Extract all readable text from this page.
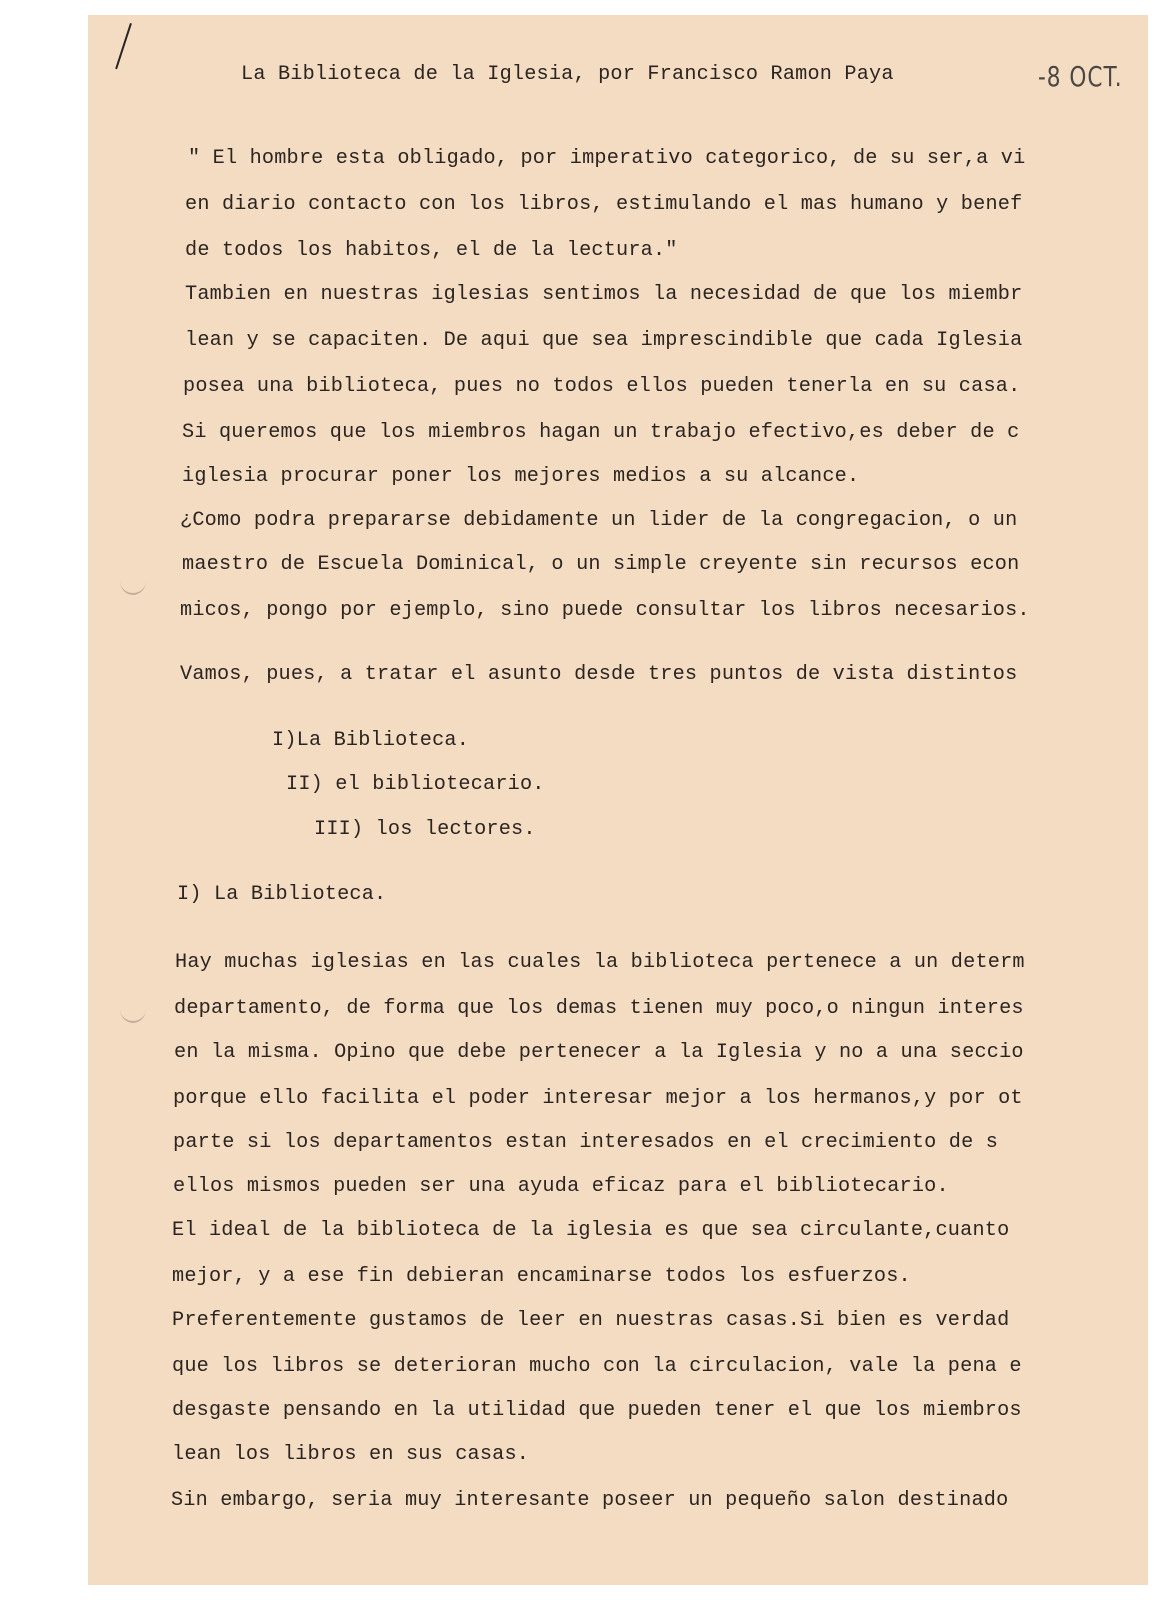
La Biblioteca de la Iglesia, por Francisco Ramon Paya	-8 OCT.
" El hombre esta obligado, por imperativo categorico, de su ser,a vi
en diario contacto con los libros, estimulando el mas humano y benef
de todos los habitos, el de la lectura."
Tambien en nuestras iglesias sentimos la necesidad de que los miembr
lean y se capaciten. De aqui que sea imprescindible que cada Iglesia
posea una biblioteca, pues no todos ellos pueden tenerla en su casa.
Si queremos que los miembros hagan un trabajo efectivo,es deber de c
iglesia procurar poner los mejores medios a su alcance.
¿Como podra prepararse debidamente un lider de la congregacion, o un
maestro de Escuela Dominical, o un simple creyente sin recursos econ
micos, pongo por ejemplo, sino puede consultar los libros necesarios.
Vamos, pues, a tratar el asunto desde tres puntos de vista distintos
I)La Biblioteca.
II) el bibliotecario.
III) los lectores.
I) La Biblioteca.
Hay muchas iglesias en las cuales la biblioteca pertenece a un determ
departamento, de forma que los demas tienen muy poco,o ningun interes
en la misma. Opino que debe pertenecer a la Iglesia y no a una seccio
porque ello facilita el poder interesar mejor a los hermanos,y por ot
parte si los departamentos estan interesados en el crecimiento de s
ellos mismos pueden ser una ayuda eficaz para el bibliotecario.
El ideal de la biblioteca de la iglesia es que sea circulante,cuanto
mejor, y a ese fin debieran encaminarse todos los esfuerzos.
Preferentemente gustamos de leer en nuestras casas.Si bien es verdad
que los libros se deterioran mucho con la circulacion, vale la pena e
desgaste pensando en la utilidad que pueden tener el que los miembros
lean los libros en sus casas.
Sin embargo, seria muy interesante poseer un pequeño salon destinado
